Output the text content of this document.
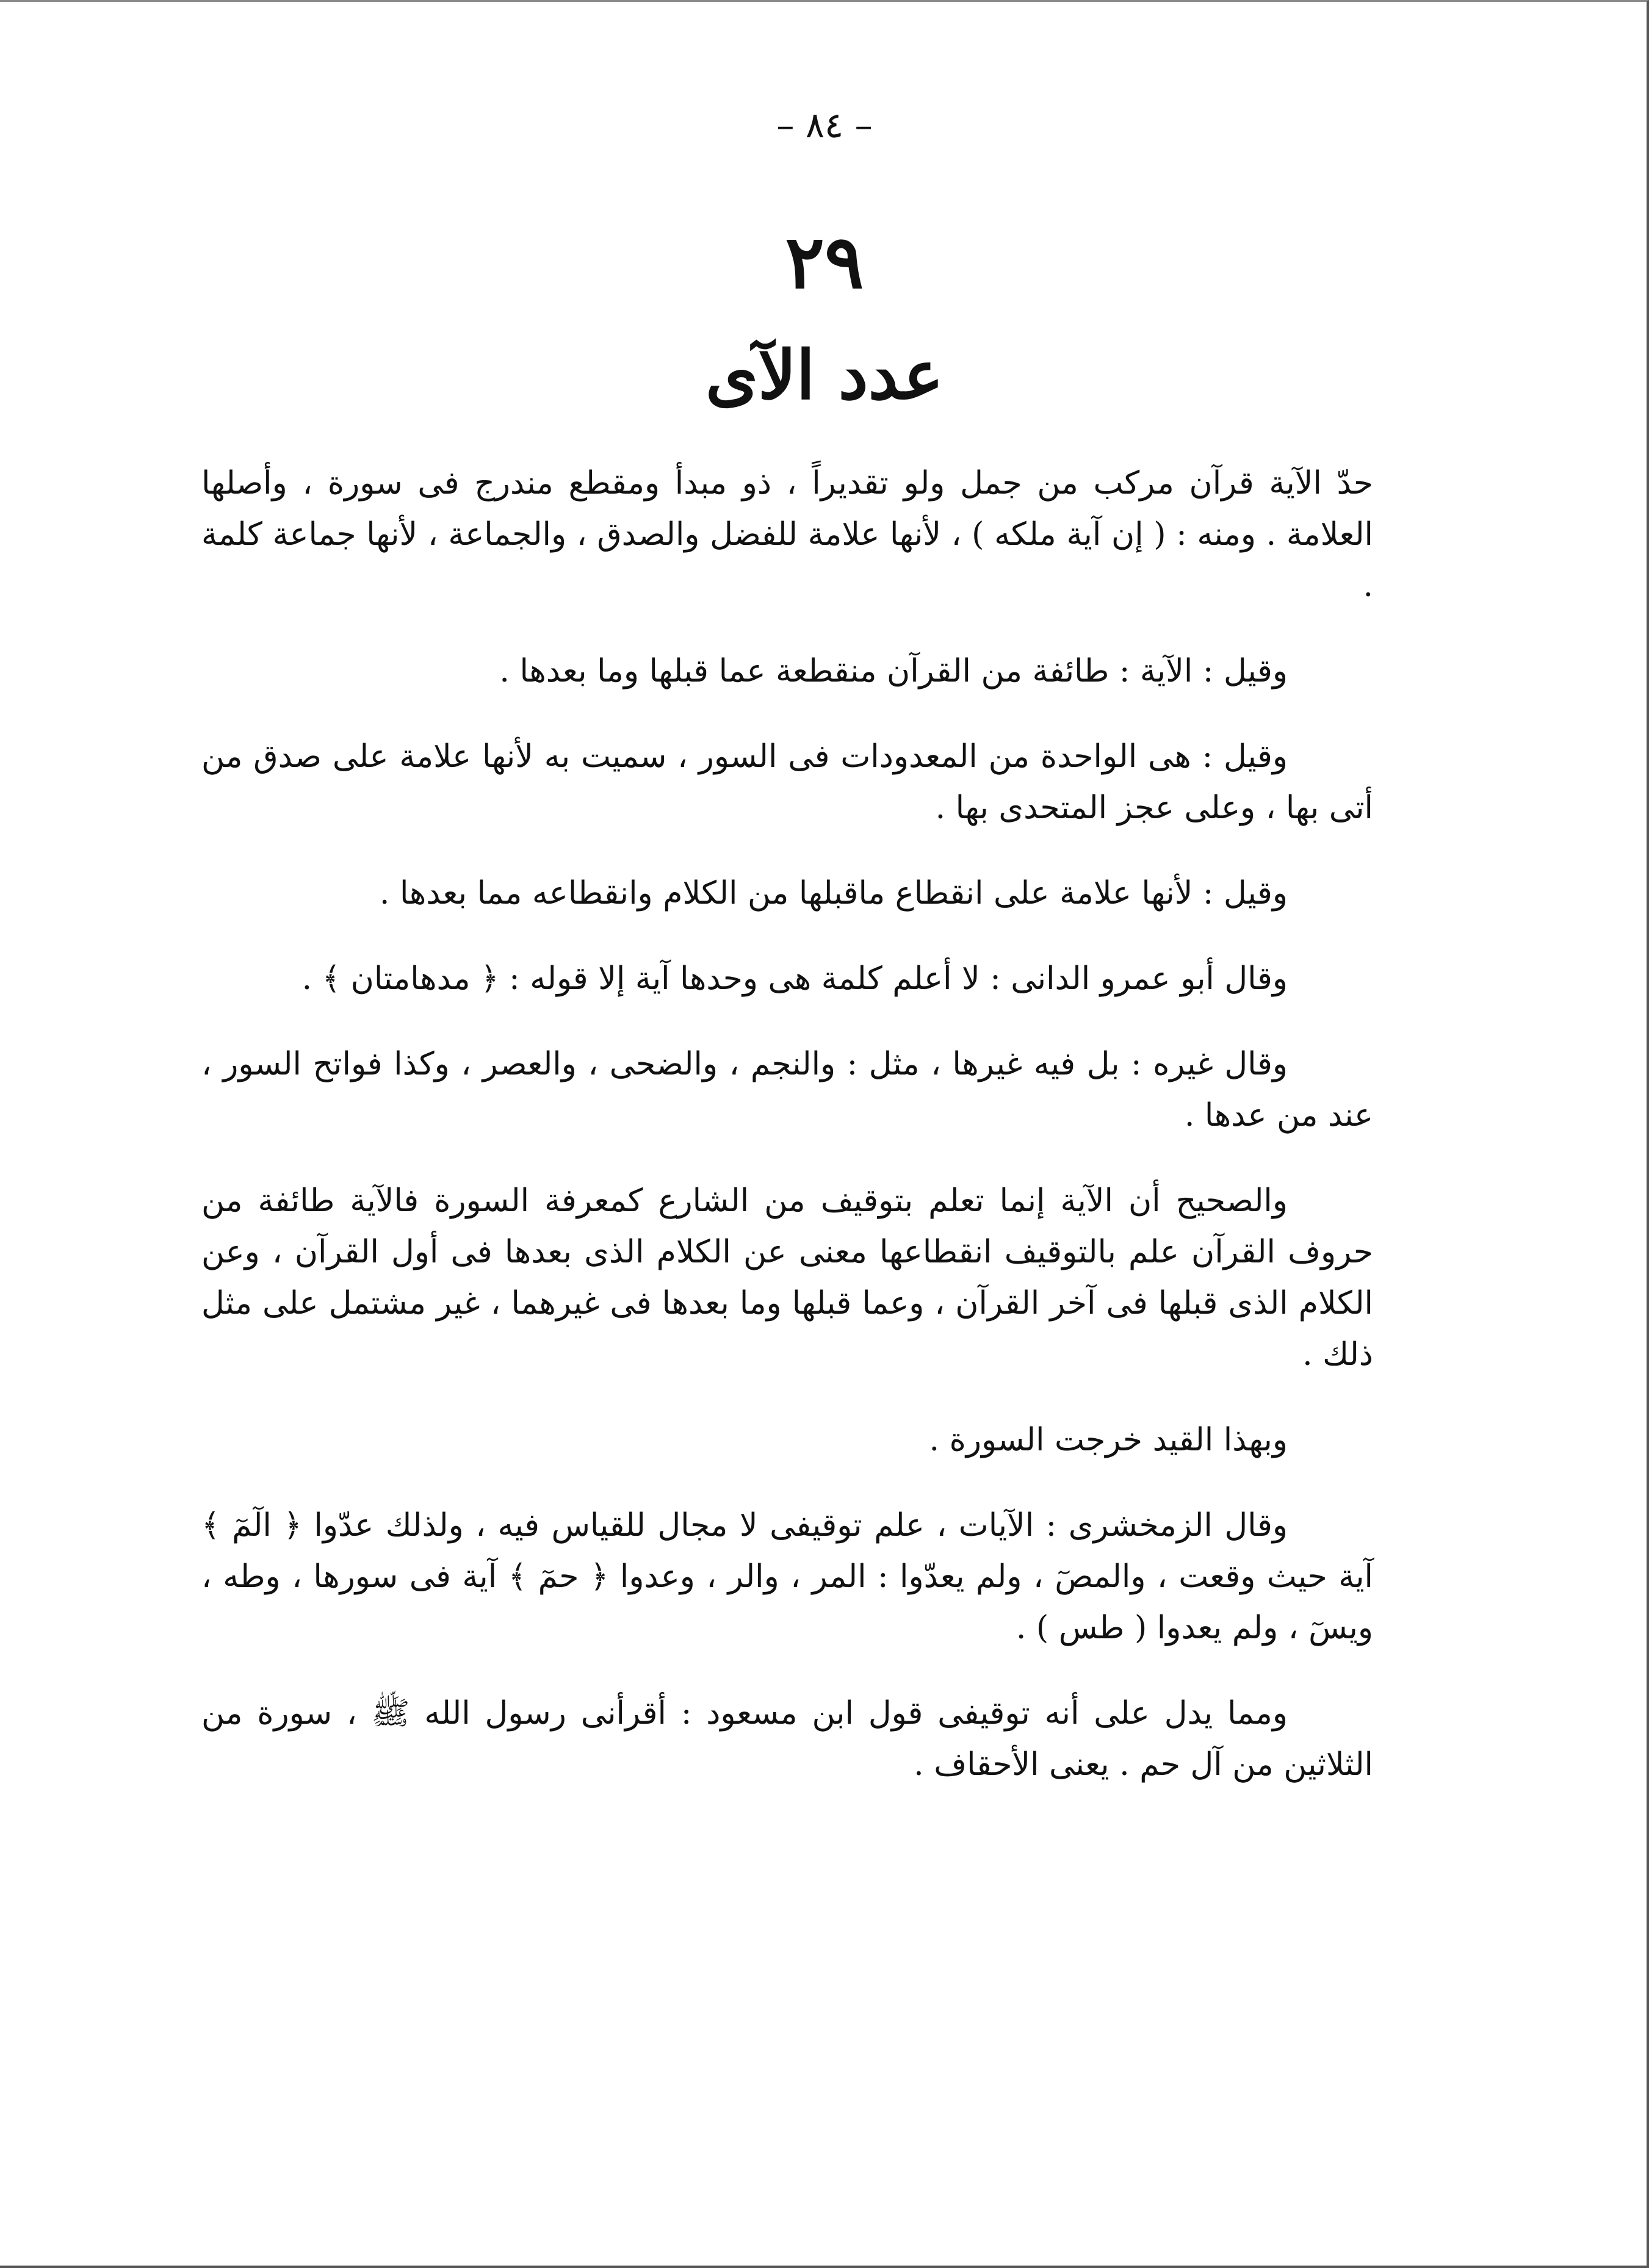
– ٨٤ –
٢٩
عدد الآى

حدّ الآية قرآن مركب من جمل ولو تقديراً ، ذو مبدأ ومقطع مندرج فى سورة ، وأصلها العلامة . ومنه : ( إن آية ملكه ) ، لأنها علامة للفضل والصدق ، والجماعة ، لأنها جماعة كلمة .

وقيل : الآية : طائفة من القرآن منقطعة عما قبلها وما بعدها .

وقيل : هى الواحدة من المعدودات فى السور ، سميت به لأنها علامة على صدق من أتى بها ، وعلى عجز المتحدى بها .

وقيل : لأنها علامة على انقطاع ماقبلها من الكلام وانقطاعه مما بعدها .

وقال أبو عمرو الدانى : لا أعلم كلمة هى وحدها آية إلا قوله : ﴿ مدهامتان ﴾ .

وقال غيره : بل فيه غيرها ، مثل : والنجم ، والضحى ، والعصر ، وكذا فواتح السور ، عند من عدها .

والصحيح أن الآية إنما تعلم بتوقيف من الشارع كمعرفة السورة فالآية طائفة من حروف القرآن علم بالتوقيف انقطاعها معنى عن الكلام الذى بعدها فى أول القرآن ، وعن الكلام الذى قبلها فى آخر القرآن ، وعما قبلها وما بعدها فى غيرهما ، غير مشتمل على مثل ذلك .

وبهذا القيد خرجت السورة .

وقال الزمخشرى : الآيات ، علم توقيفى لا مجال للقياس فيه ، ولذلك عدّوا ﴿ الٓمٓ ﴾ آية حيث وقعت ، والمصٓ ، ولم يعدّوا : المر ، والر ، وعدوا ﴿ حمٓ ﴾ آية فى سورها ، وطه ، ويسٓ ، ولم يعدوا ( طس ) .

ومما يدل على أنه توقيفى قول ابن مسعود : أقرأنى رسول الله ﷺ ، سورة من الثلاثين من آل حم . يعنى الأحقاف .
